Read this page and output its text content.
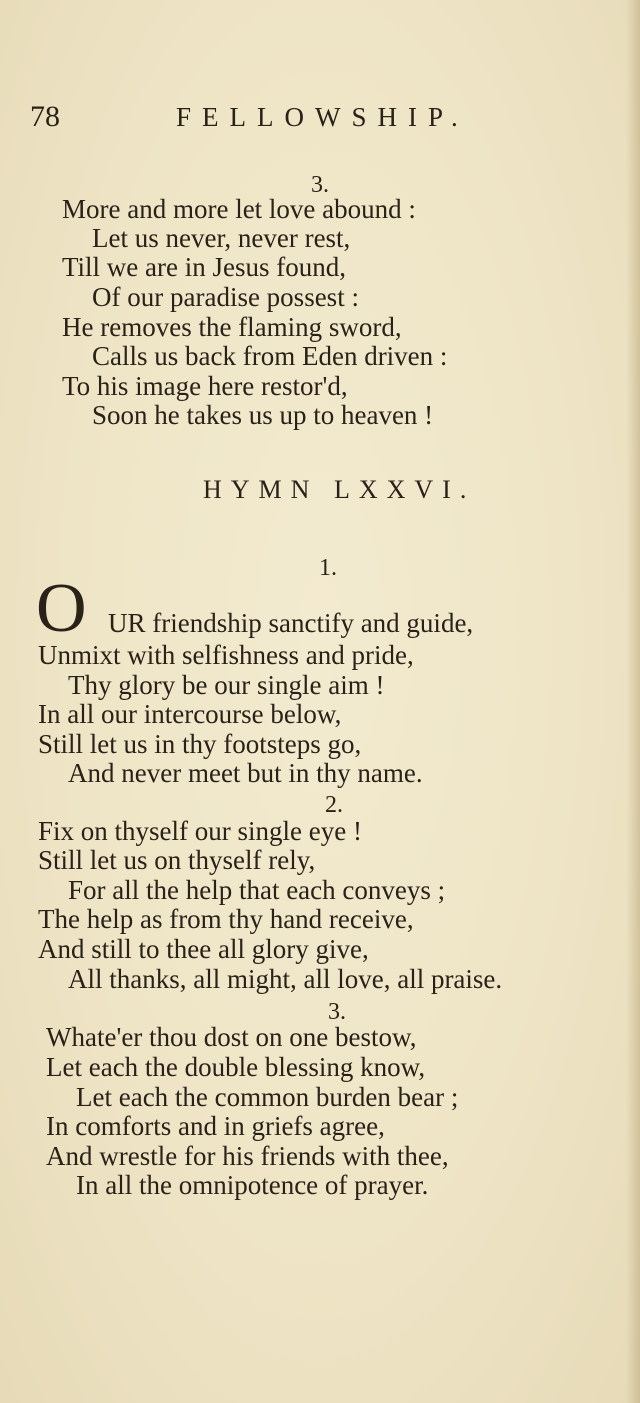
78	FELLOWSHIP.
3.
More and more let love abound :
Let us never, never rest,
Till we are in Jesus found,
Of our paradise possest :
He removes the flaming sword,
Calls us back from Eden driven :
To his image here restor'd,
Soon he takes us up to heaven !
HYMN LXXVI.
1.
O UR friendship sanctify and guide,
Unmixt with selfishness and pride,
Thy glory be our single aim !
In all our intercourse below,
Still let us in thy footsteps go,
And never meet but in thy name.
2.
Fix on thyself our single eye !
Still let us on thyself rely,
For all the help that each conveys ;
The help as from thy hand receive,
And still to thee all glory give,
All thanks, all might, all love, all praise.
3.
Whate'er thou dost on one bestow,
Let each the double blessing know,
Let each the common burden bear ;
In comforts and in griefs agree,
And wrestle for his friends with thee,
In all the omnipotence of prayer.
